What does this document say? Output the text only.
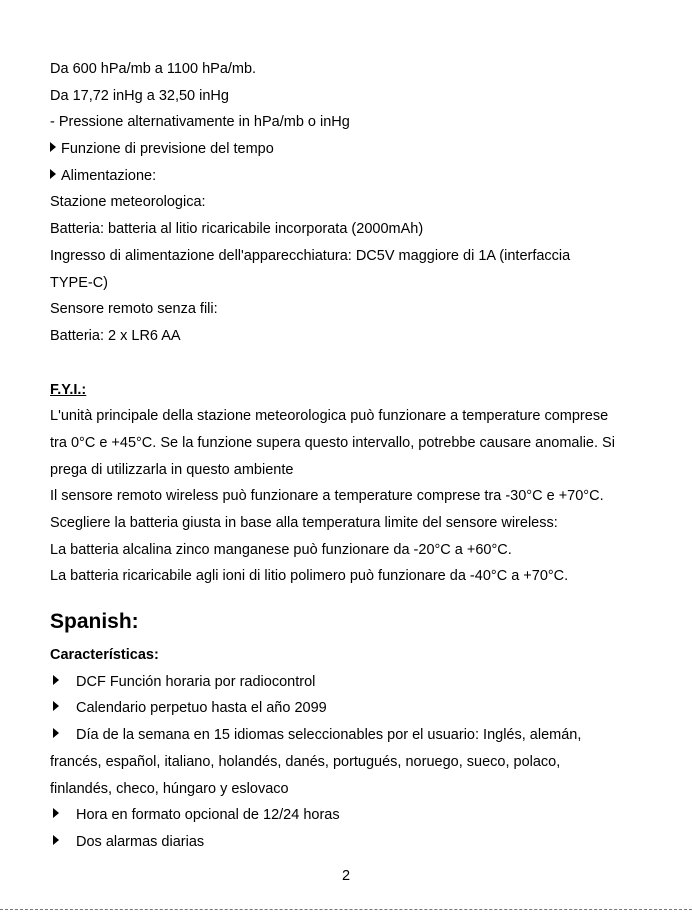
Da 600 hPa/mb a 1100 hPa/mb.
Da 17,72 inHg a 32,50 inHg
- Pressione alternativamente in hPa/mb o inHg
Funzione di previsione del tempo
Alimentazione:
Stazione meteorologica:
Batteria: batteria al litio ricaricabile incorporata (2000mAh)
Ingresso di alimentazione dell'apparecchiatura: DC5V maggiore di 1A (interfaccia
TYPE-C)
Sensore remoto senza fili:
Batteria: 2 x LR6 AA
F.Y.I.:
L'unità principale della stazione meteorologica può funzionare a temperature comprese
tra 0°C e +45°C. Se la funzione supera questo intervallo, potrebbe causare anomalie. Si
prega di utilizzarla in questo ambiente
Il sensore remoto wireless può funzionare a temperature comprese tra -30°C e +70°C.
Scegliere la batteria giusta in base alla temperatura limite del sensore wireless:
La batteria alcalina zinco manganese può funzionare da -20°C a +60°C.
La batteria ricaricabile agli ioni di litio polimero può funzionare da -40°C a +70°C.
Spanish:
Características:
DCF Función horaria por radiocontrol
Calendario perpetuo hasta el año 2099
Día de la semana en 15 idiomas seleccionables por el usuario: Inglés, alemán,
francés, español, italiano, holandés, danés, portugués, noruego, sueco, polaco,
finlandés, checo, húngaro y eslovaco
Hora en formato opcional de 12/24 horas
Dos alarmas diarias
2
